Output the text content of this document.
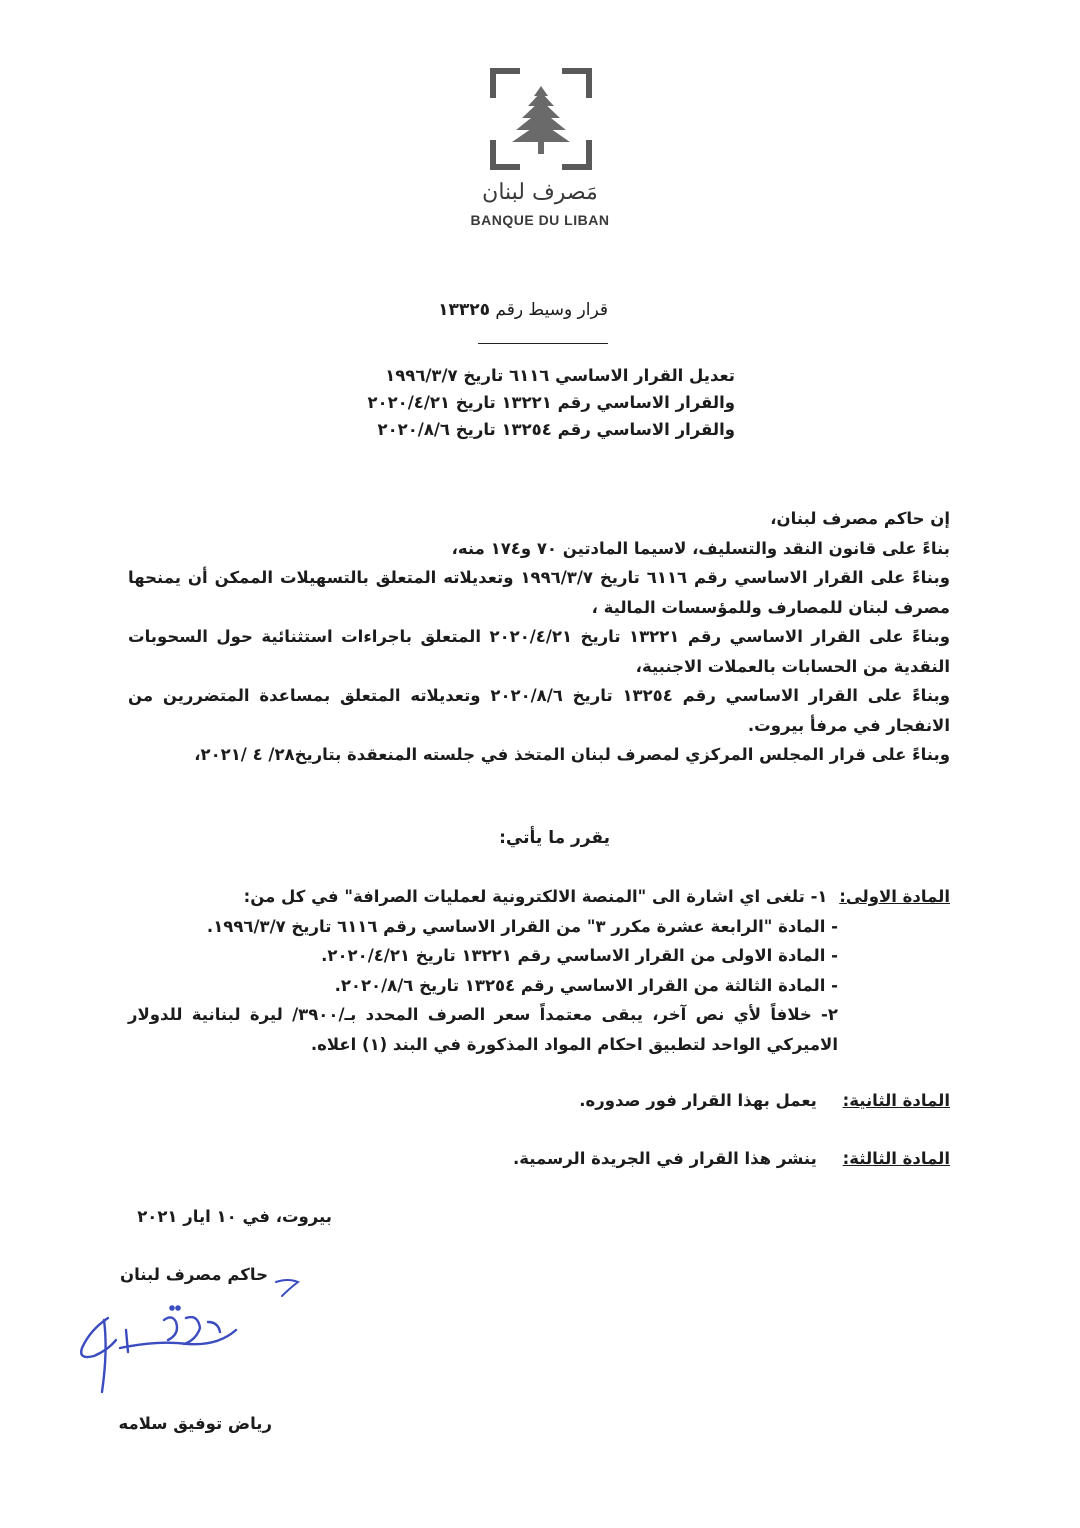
مَصرف لبنان
BANQUE DU LIBAN
قرار وسيط رقم ١٣٣٢٥
تعديل القرار الاساسي ٦١١٦ تاريخ ١٩٩٦/٣/٧
والقرار الاساسي رقم ١٣٢٢١ تاريخ ٢٠٢٠/٤/٢١
والقرار الاساسي رقم ١٣٢٥٤ تاريخ ٢٠٢٠/٨/٦

إن حاكم مصرف لبنان،

بناءً على قانون النقد والتسليف، لاسيما المادتين ٧٠ و١٧٤ منه،

وبناءً على القرار الاساسي رقم ٦١١٦ تاريخ ١٩٩٦/٣/٧ وتعديلاته المتعلق بالتسهيلات الممكن أن يمنحها مصرف لبنان للمصارف وللمؤسسات المالية ،

وبناءً على القرار الاساسي رقم ١٣٢٢١ تاريخ ٢٠٢٠/٤/٢١ المتعلق باجراءات استثنائية حول السحوبات النقدية من الحسابات بالعملات الاجنبية،

وبناءً على القرار الاساسي رقم ١٣٢٥٤ تاريخ ٢٠٢٠/٨/٦ وتعديلاته المتعلق بمساعدة المتضررين من الانفجار في مرفأ بيروت.

وبناءً على قرار المجلس المركزي لمصرف لبنان المتخذ في جلسته المنعقدة بتاريخ٢٨/ ٤ /٢٠٢١،

يقرر ما يأتي:
المادة الاولى: ١- تلغى اي اشارة الى "المنصة الالكترونية لعمليات الصرافة" في كل من:
- المادة "الرابعة عشرة مكرر ٣" من القرار الاساسي رقم ٦١١٦ تاريخ ١٩٩٦/٣/٧.
- المادة الاولى من القرار الاساسي رقم ١٣٢٢١ تاريخ ٢٠٢٠/٤/٢١.
- المادة الثالثة من القرار الاساسي رقم ١٣٢٥٤ تاريخ ٢٠٢٠/٨/٦.
٢- خلافاً لأي نص آخر، يبقى معتمداً سعر الصرف المحدد بـ/٣٩٠٠/ ليرة لبنانية للدولار الاميركي الواحد لتطبيق احكام المواد المذكورة في البند (١) اعلاه.
المادة الثانية: يعمل بهذا القرار فور صدوره.
المادة الثالثة: ينشر هذا القرار في الجريدة الرسمية.
بيروت، في ١٠ ايار ٢٠٢١
حاكم مصرف لبنان
رياض توفيق سلامه
